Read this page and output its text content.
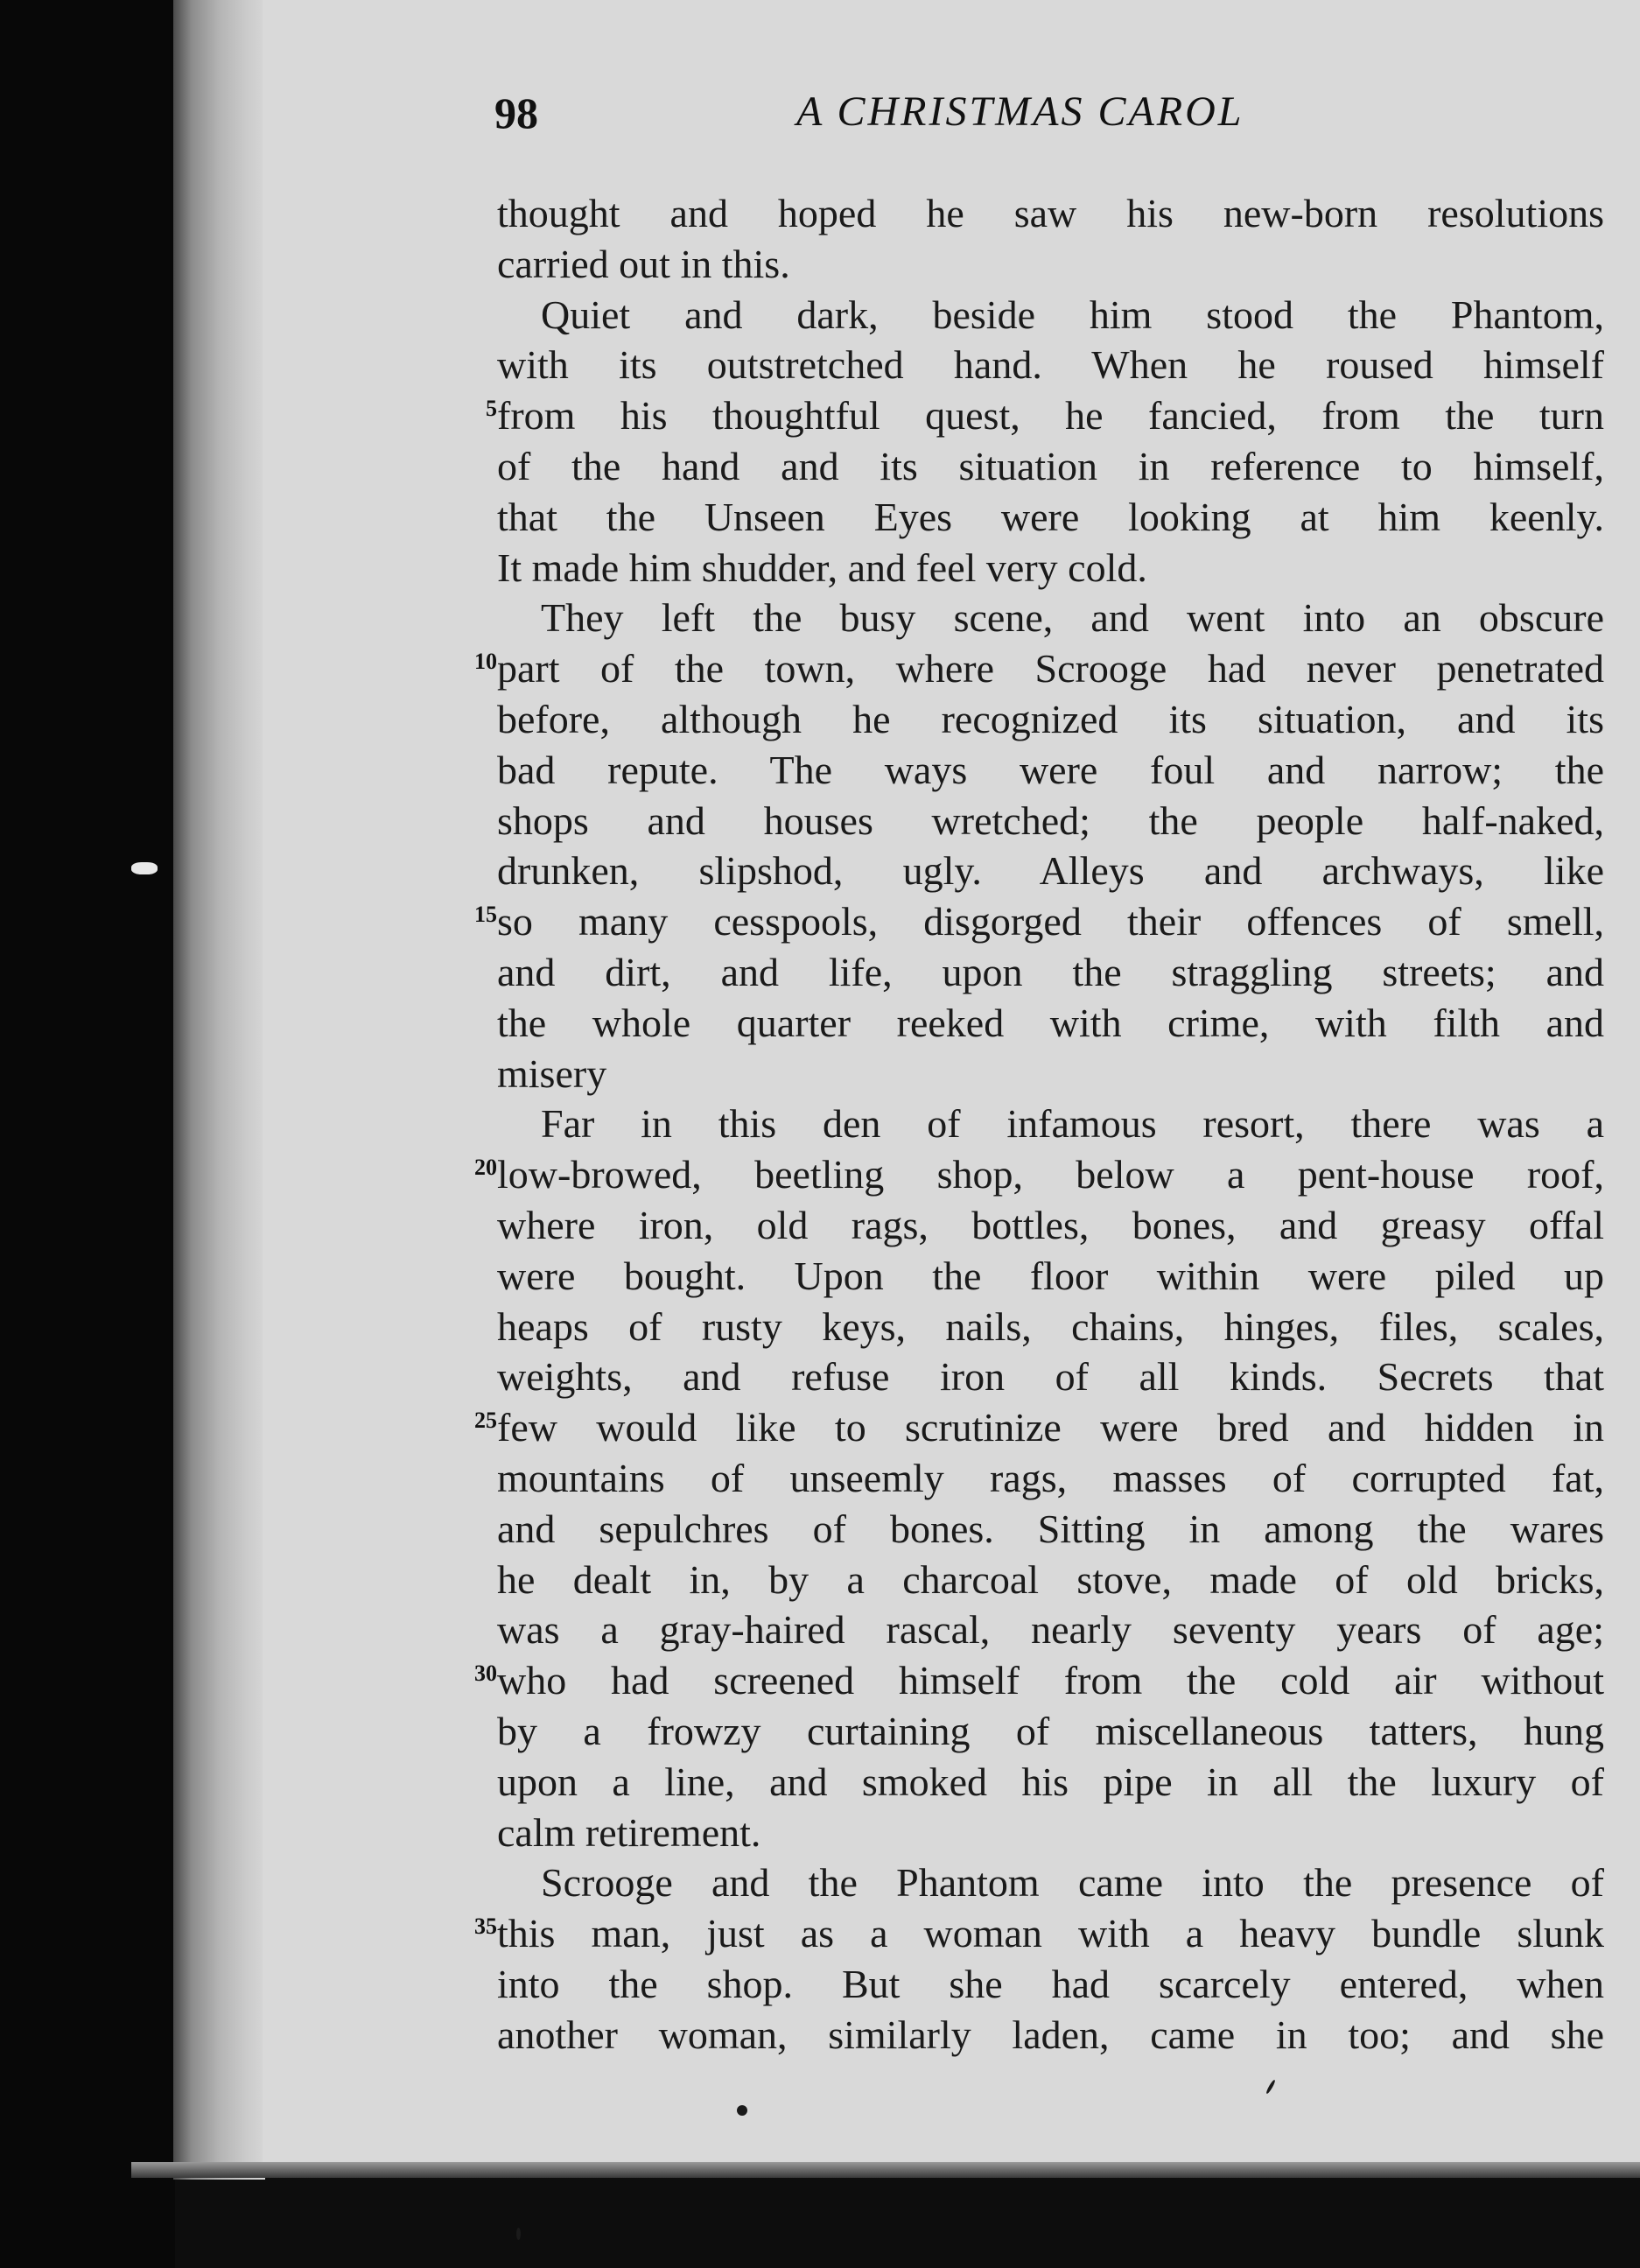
98	A CHRISTMAS CAROL
thought and hoped he saw his new-born resolutions
carried out in this.
Quiet and dark, beside him stood the Phantom,
with its outstretched hand. When he roused himself
from his thoughtful quest, he fancied, from the turn
5
of the hand and its situation in reference to himself,
that the Unseen Eyes were looking at him keenly.
It made him shudder, and feel very cold.
They left the busy scene, and went into an obscure
part of the town, where Scrooge had never penetrated
10
before, although he recognized its situation, and its
bad repute. The ways were foul and narrow; the
shops and houses wretched; the people half-naked,
drunken, slipshod, ugly. Alleys and archways, like
so many cesspools, disgorged their offences of smell,
15
and dirt, and life, upon the straggling streets; and
the whole quarter reeked with crime, with filth and
misery
Far in this den of infamous resort, there was a
low-browed, beetling shop, below a pent-house roof,
20
where iron, old rags, bottles, bones, and greasy offal
were bought. Upon the floor within were piled up
heaps of rusty keys, nails, chains, hinges, files, scales,
weights, and refuse iron of all kinds. Secrets that
few would like to scrutinize were bred and hidden in
25
mountains of unseemly rags, masses of corrupted fat,
and sepulchres of bones. Sitting in among the wares
he dealt in, by a charcoal stove, made of old bricks,
was a gray-haired rascal, nearly seventy years of age;
who had screened himself from the cold air without
30
by a frowzy curtaining of miscellaneous tatters, hung
upon a line, and smoked his pipe in all the luxury of
calm retirement.
Scrooge and the Phantom came into the presence of
this man, just as a woman with a heavy bundle slunk
35
into the shop. But she had scarcely entered, when
another woman, similarly laden, came in too; and she
